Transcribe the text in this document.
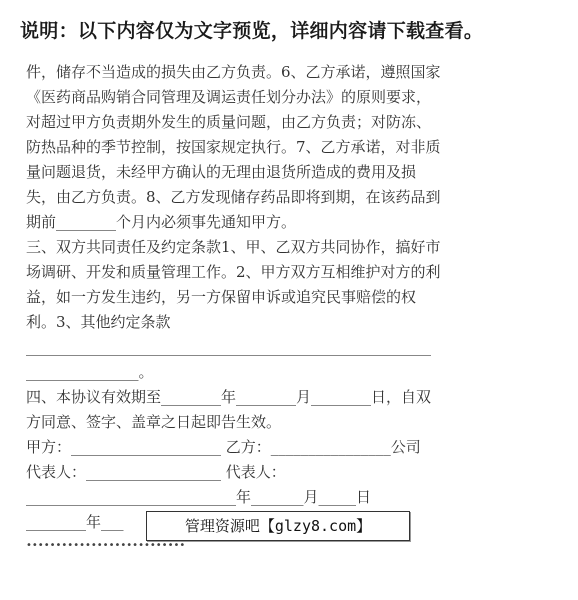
说明：以下内容仅为文字预览，详细内容请下载查看。
件，储存不当造成的损失由乙方负责。6、乙方承诺，遵照国家
《医药商品购销合同管理及调运责任划分办法》的原则要求，
对超过甲方负责期外发生的质量问题，由乙方负责；对防冻、
防热品种的季节控制，按国家规定执行。7、乙方承诺，对非质
量问题退货，未经甲方确认的无理由退货所造成的费用及损
失，由乙方负责。8、乙方发现储存药品即将到期，在该药品到
期前________个月内必须事先通知甲方。
三、双方共同责任及约定条款1、甲、乙双方共同协作，搞好市
场调研、开发和质量管理工作。2、甲方双方互相维护对方的利
益，如一方发生违约，另一方保留申诉或追究民事赔偿的权
利。3、其他约定条款
______________________________________________________
_______________。
四、本协议有效期至________年________月________日，自双
方同意、签字、盖章之日起即告生效。
甲方：____________________ 乙方：________________公司
代表人：__________________ 代表人：
____________________________年_______月_____日
________年___	管理资源吧【glzy8.com】
•••••••••••••••••••••••••••
